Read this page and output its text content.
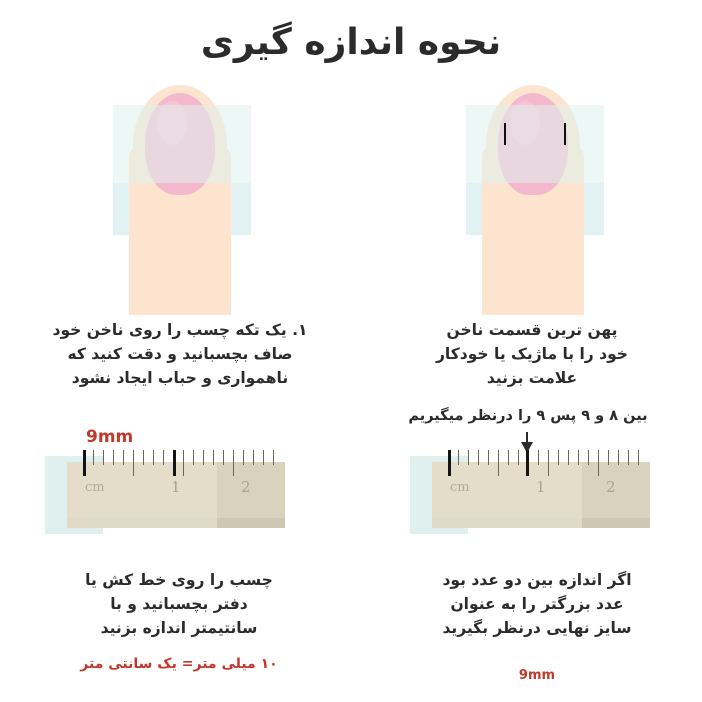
نحوه اندازه گیری
۱. یک تکه چسب را روی ناخن خود
صاف بچسبانید و دقت کنید که
ناهمواری و حباب ایجاد نشود
پهن ترین قسمت ناخن
خود را با ماژیک یا خودکار
علامت بزنید
9mm
cm	1	2
چسب را روی خط کش یا
دفتر بچسبانید و با
سانتیمتر اندازه بزنید
۱۰ میلی متر= یک سانتی متر
بین ۸ و ۹ پس ۹ را درنظر میگیریم
cm	1	2
اگر اندازه بین دو عدد بود
عدد بزرگتر را به عنوان
سایز نهایی درنظر بگیرید
9mm
